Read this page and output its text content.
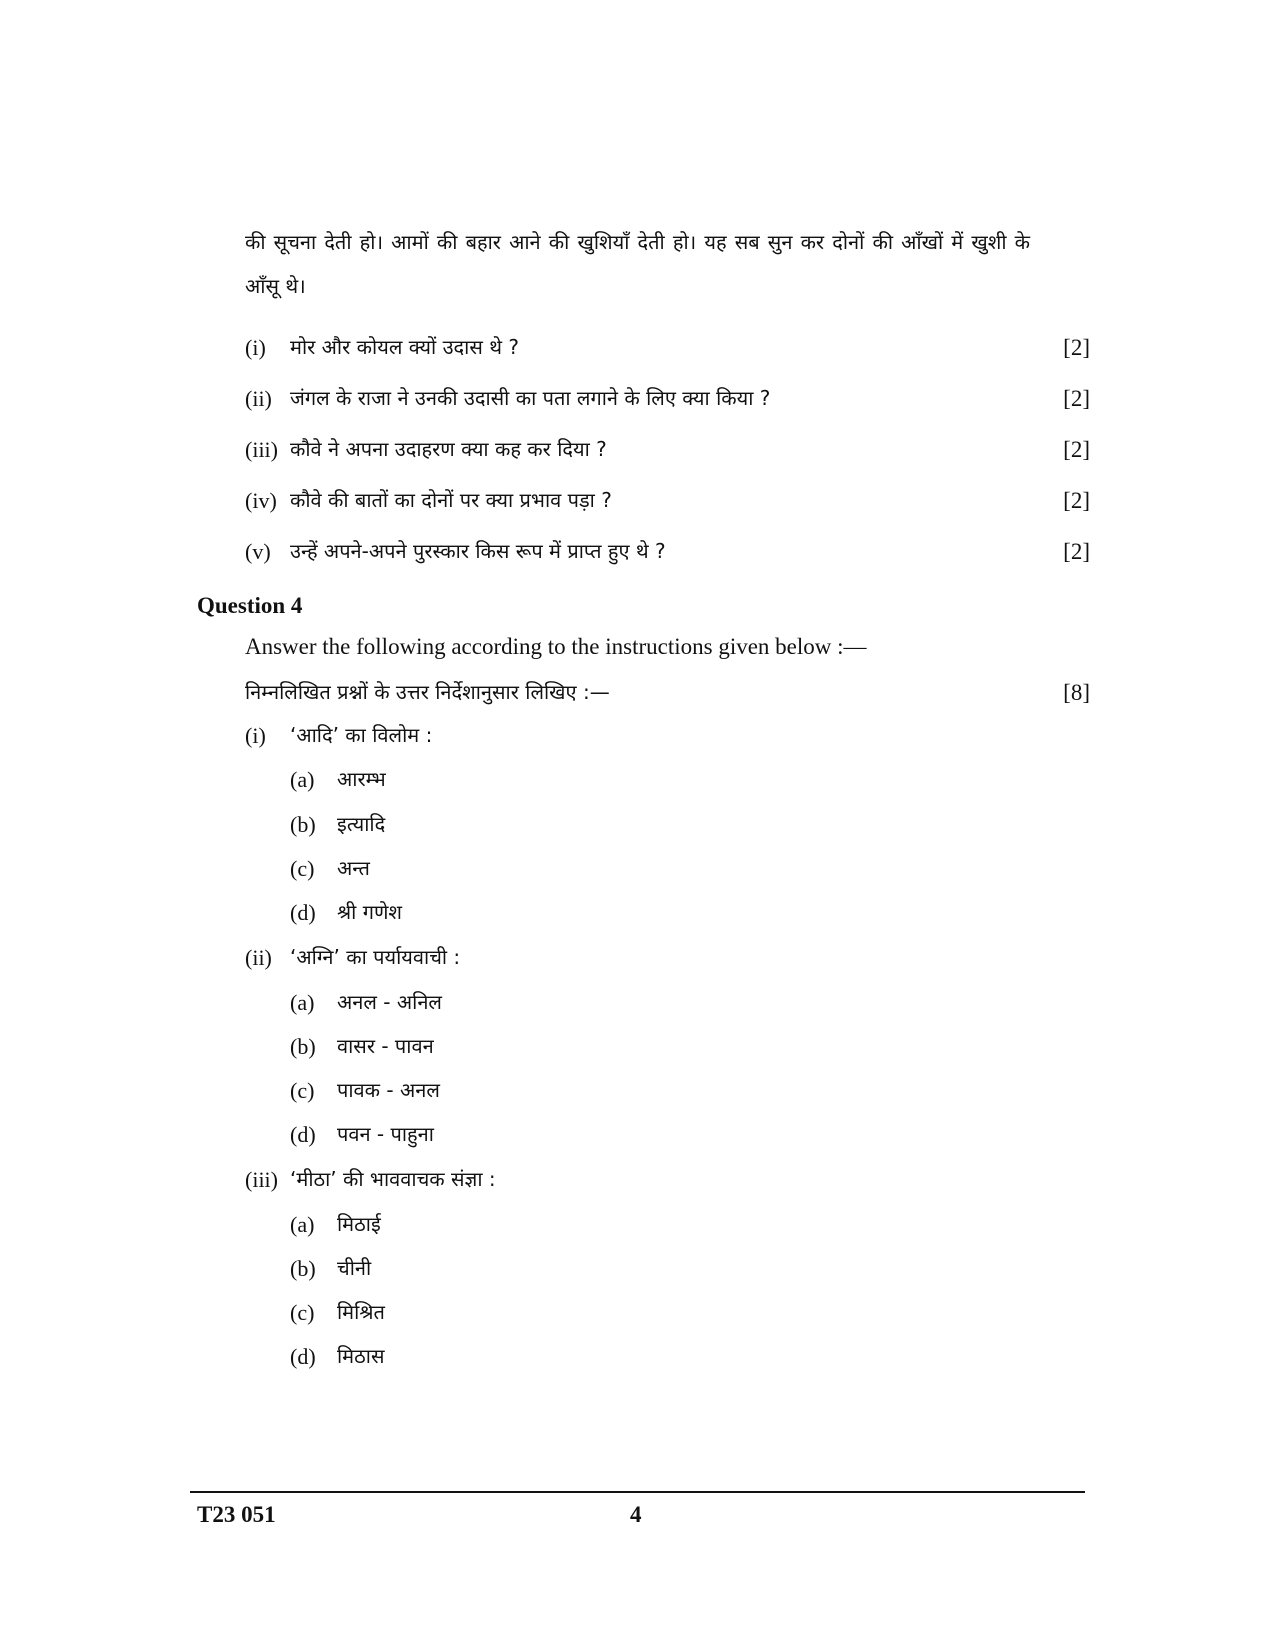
की सूचना देती हो। आमों की बहार आने की खुशियाँ देती हो। यह सब सुन कर दोनों की आँखों में खुशी के आँसू थे।
(i) मोर और कोयल क्यों उदास थे ?	[2]
(ii) जंगल के राजा ने उनकी उदासी का पता लगाने के लिए क्या किया ?	[2]
(iii) कौवे ने अपना उदाहरण क्या कह कर दिया ?	[2]
(iv) कौवे की बातों का दोनों पर क्या प्रभाव पड़ा ?	[2]
(v) उन्हें अपने-अपने पुरस्कार किस रूप में प्राप्त हुए थे ?	[2]
Question 4
Answer the following according to the instructions given below :—
निम्नलिखित प्रश्नों के उत्तर निर्देशानुसार लिखिए :—	[8]
(i) ‘आदि’ का विलोम :
(a) आरम्भ
(b) इत्यादि
(c) अन्त
(d) श्री गणेश
(ii) ‘अग्नि’ का पर्यायवाची :
(a) अनल - अनिल
(b) वासर - पावन
(c) पावक - अनल
(d) पवन - पाहुना
(iii) ‘मीठा’ की भाववाचक संज्ञा :
(a) मिठाई
(b) चीनी
(c) मिश्रित
(d) मिठास
T23 051	4
